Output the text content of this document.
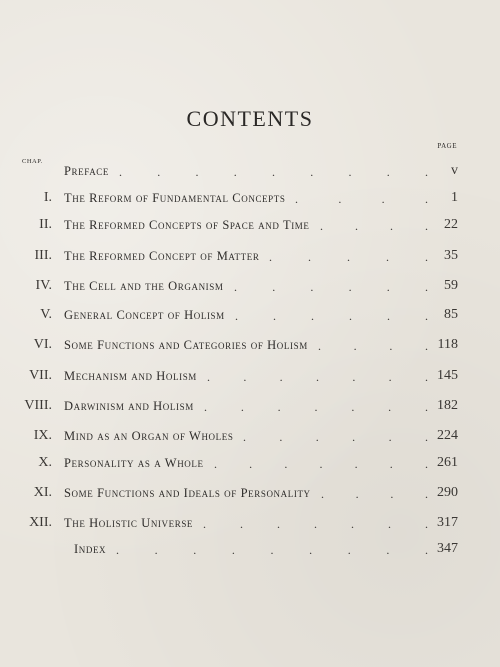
CONTENTS
PAGE
CHAP.
Preface	v
.	.	.	.	.	.	.	.	.
I. The Reform of Fundamental Concepts	1
.	.	.	.
II. The Reformed Concepts of Space and Time	22
.	.	.	.
III. The Reformed Concept of Matter	35
.	.	.	.	.
IV. The Cell and the Organism	59
.	.	.	.	.	.
V. General Concept of Holism	85
.	.	.	.	.	.
VI. Some Functions and Categories of Holism	118
.	.	.	.
VII. Mechanism and Holism	145
.	.	.	.	.	.	.
VIII. Darwinism and Holism	182
.	.	.	.	.	.	.
IX. Mind as an Organ of Wholes	224
.	.	.	.	.	.
X. Personality as a Whole	261
.	.	.	.	.	.	.
XI. Some Functions and Ideals of Personality	290
.	.	.	.
XII. The Holistic Universe	317
.	.	.	.	.	.	.
Index	347
.	.	.	.	.	.	.	.	.
